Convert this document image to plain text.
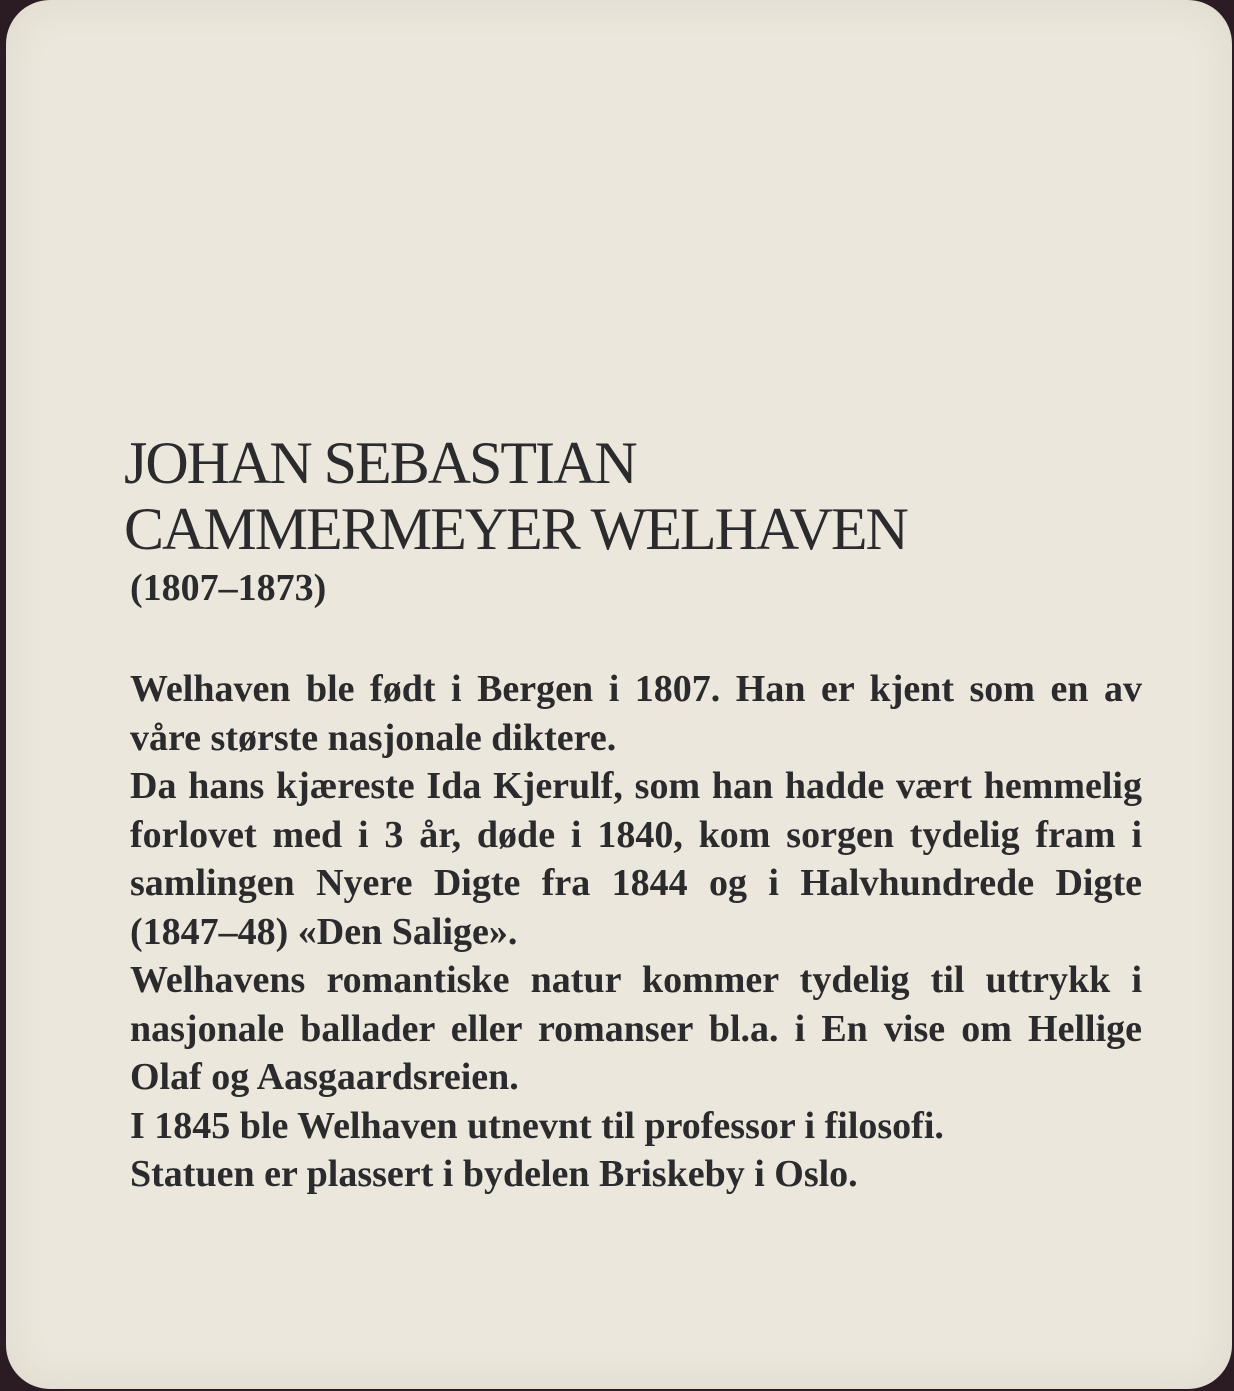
JOHAN SEBASTIAN
CAMMERMEYER WELHAVEN
(1807–1873)

Welhaven ble født i Bergen i 1807. Han er kjent som en av våre største nasjonale diktere.

Da hans kjæreste Ida Kjerulf, som han hadde vært hemmelig forlovet med i 3 år, døde i 1840, kom sorgen tydelig fram i samlingen Nyere Digte fra 1844 og i Halvhundrede Digte (1847–48) «Den Salige».

Welhavens romantiske natur kommer tydelig til uttrykk i nasjonale ballader eller romanser bl.a. i En vise om Hellige Olaf og Aasgaardsreien.

I 1845 ble Welhaven utnevnt til professor i filosofi.

Statuen er plassert i bydelen Briskeby i Oslo.
